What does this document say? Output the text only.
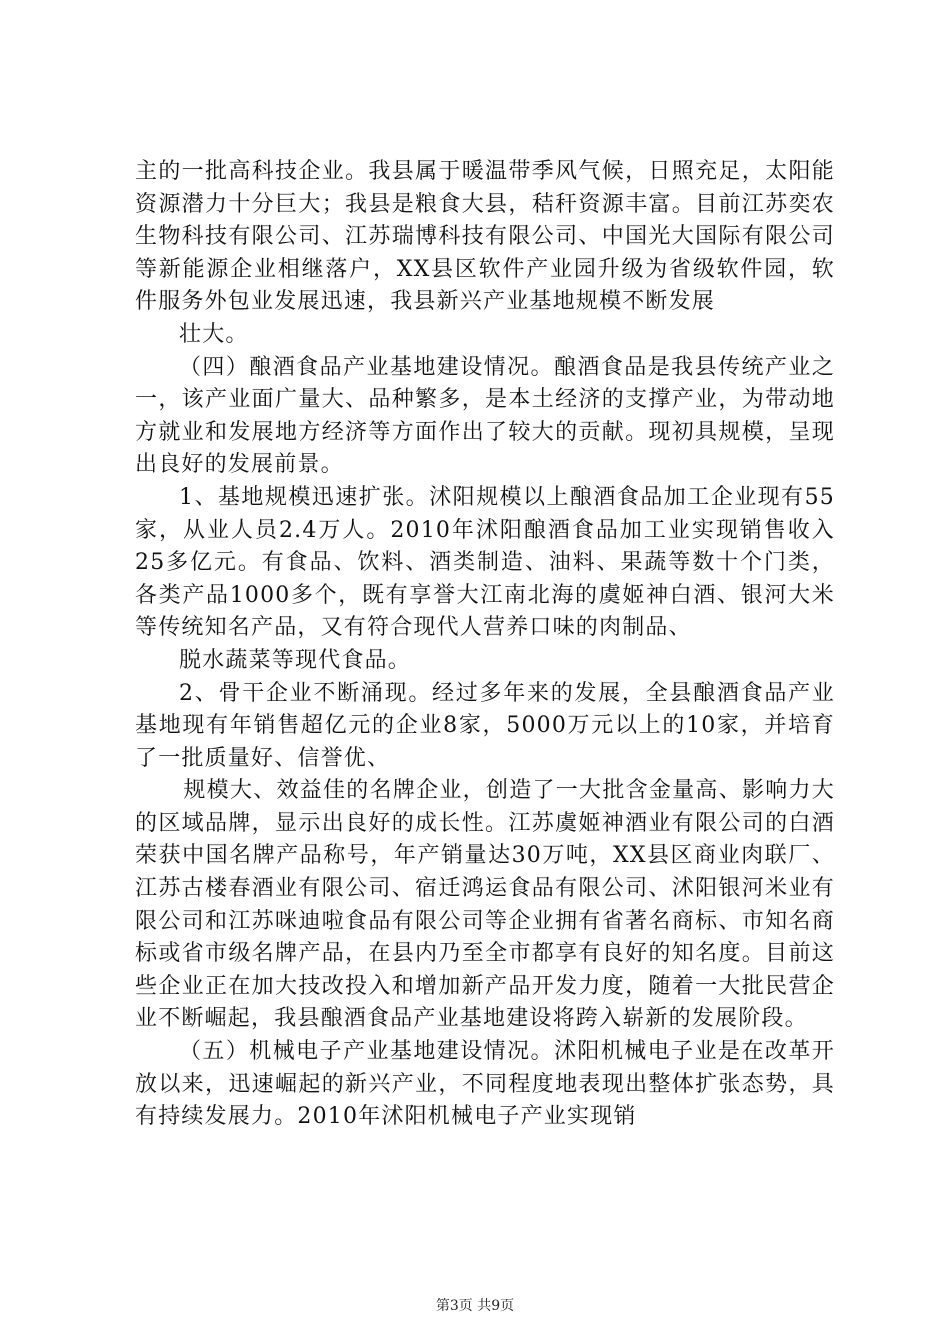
主的一批高科技企业。我县属于暖温带季风气候，日照充足，太阳能资源潜力十分巨大；我县是粮食大县，秸秆资源丰富。目前江苏奕农生物科技有限公司、江苏瑞博科技有限公司、中国光大国际有限公司等新能源企业相继落户，XX县区软件产业园升级为省级软件园，软件服务外包业发展迅速，我县新兴产业基地规模不断发展

壮大。

（四）酿酒食品产业基地建设情况。酿酒食品是我县传统产业之一，该产业面广量大、品种繁多，是本土经济的支撑产业，为带动地方就业和发展地方经济等方面作出了较大的贡献。现初具规模，呈现出良好的发展前景。

1、基地规模迅速扩张。沭阳规模以上酿酒食品加工企业现有55家，从业人员2.4万人。2010年沭阳酿酒食品加工业实现销售收入25多亿元。有食品、饮料、酒类制造、油料、果蔬等数十个门类，各类产品1000多个，既有享誉大江南北海的虞姬神白酒、银河大米等传统知名产品，又有符合现代人营养口味的肉制品、

脱水蔬菜等现代食品。

2、骨干企业不断涌现。经过多年来的发展，全县酿酒食品产业基地现有年销售超亿元的企业8家，5000万元以上的10家，并培育了一批质量好、信誉优、

规模大、效益佳的名牌企业，创造了一大批含金量高、影响力大的区域品牌，显示出良好的成长性。江苏虞姬神酒业有限公司的白酒荣获中国名牌产品称号，年产销量达30万吨，XX县区商业肉联厂、江苏古楼春酒业有限公司、宿迁鸿运食品有限公司、沭阳银河米业有限公司和江苏咪迪啦食品有限公司等企业拥有省著名商标、市知名商标或省市级名牌产品，在县内乃至全市都享有良好的知名度。目前这些企业正在加大技改投入和增加新产品开发力度，随着一大批民营企业不断崛起，我县酿酒食品产业基地建设将跨入崭新的发展阶段。

（五）机械电子产业基地建设情况。沭阳机械电子业是在改革开放以来，迅速崛起的新兴产业，不同程度地表现出整体扩张态势，具有持续发展力。2010年沭阳机械电子产业实现销

第3页 共9页
